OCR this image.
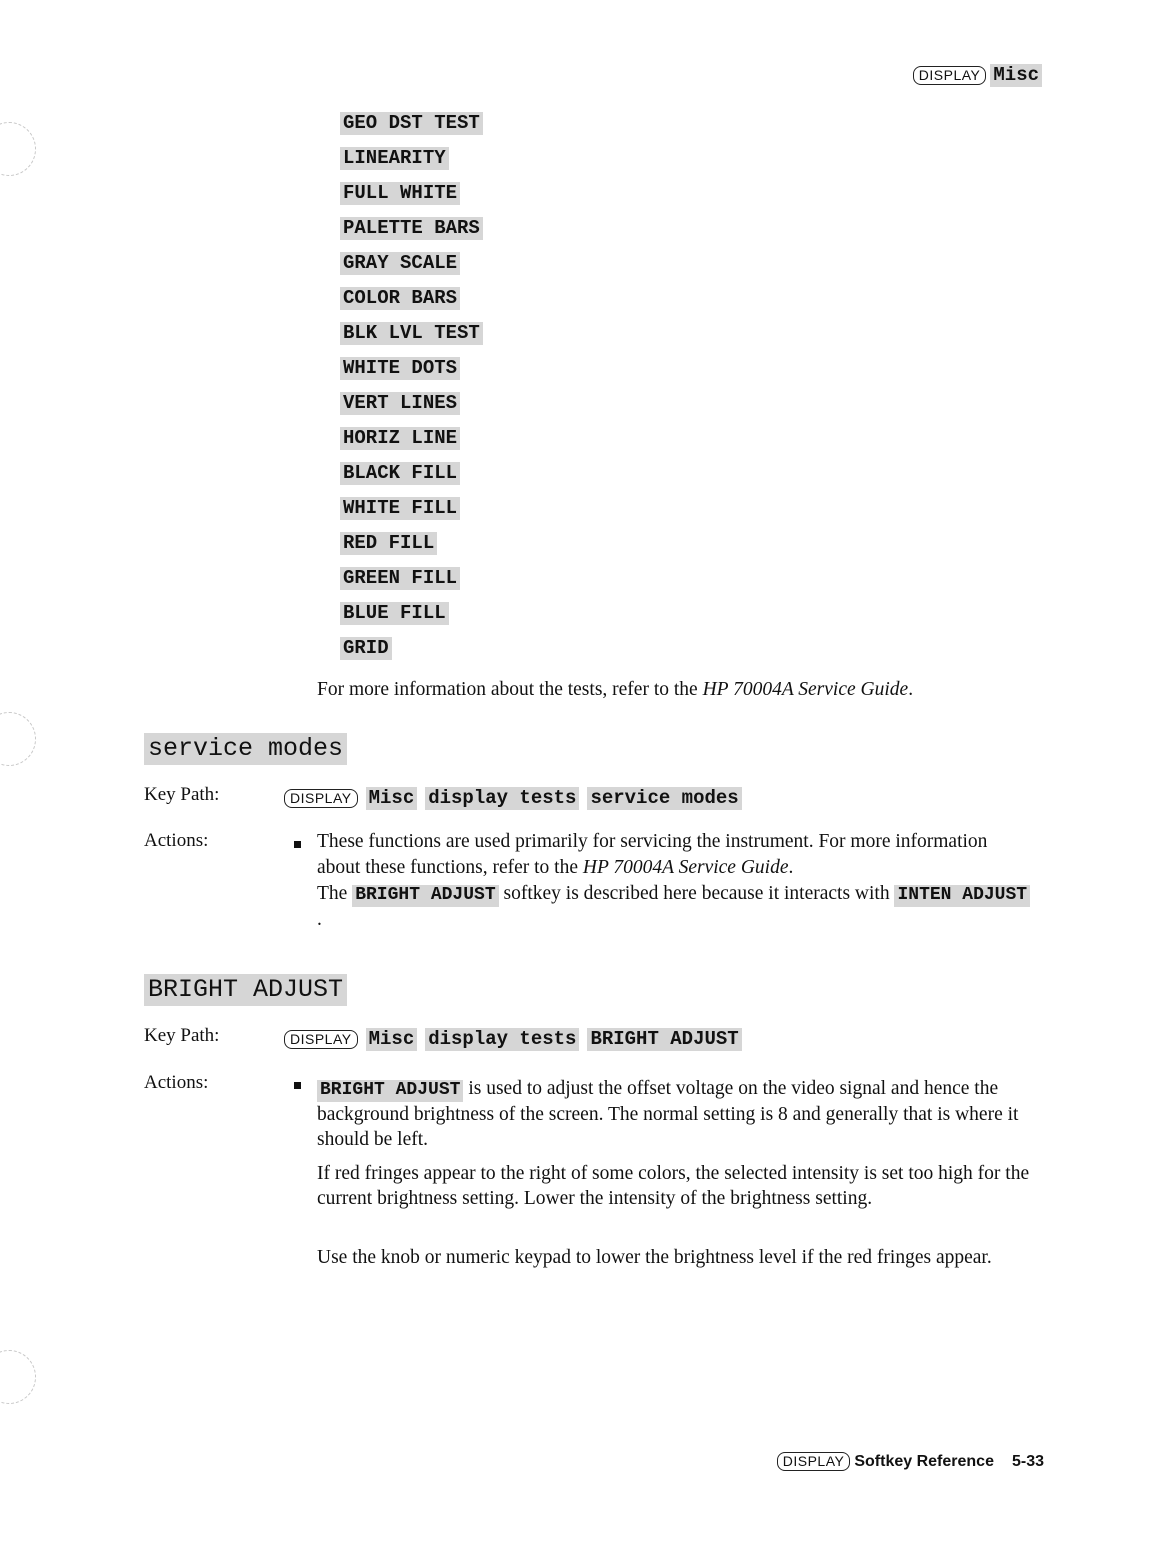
DISPLAY Misc
GEO DST TEST
LINEARITY
FULL WHITE
PALETTE BARS
GRAY SCALE
COLOR BARS
BLK LVL TEST
WHITE DOTS
VERT LINES
HORIZ LINE
BLACK FILL
WHITE FILL
RED FILL
GREEN FILL
BLUE FILL
GRID
For more information about the tests, refer to the HP 70004A Service Guide.
service modes
Key Path:	DISPLAY Misc display tests service modes
Actions:	These functions are used primarily for servicing the instrument. For more information about these functions, refer to the HP 70004A Service Guide.
The BRIGHT ADJUST softkey is described here because it interacts with INTEN ADJUST.
BRIGHT ADJUST
Key Path:	DISPLAY Misc display tests BRIGHT ADJUST
Actions:	BRIGHT ADJUST is used to adjust the offset voltage on the video signal and hence the background brightness of the screen. The normal setting is 8 and generally that is where it should be left.
If red fringes appear to the right of some colors, the selected intensity is set too high for the current brightness setting. Lower the intensity of the brightness setting.
Use the knob or numeric keypad to lower the brightness level if the red fringes appear.
DISPLAY Softkey Reference 5-33
